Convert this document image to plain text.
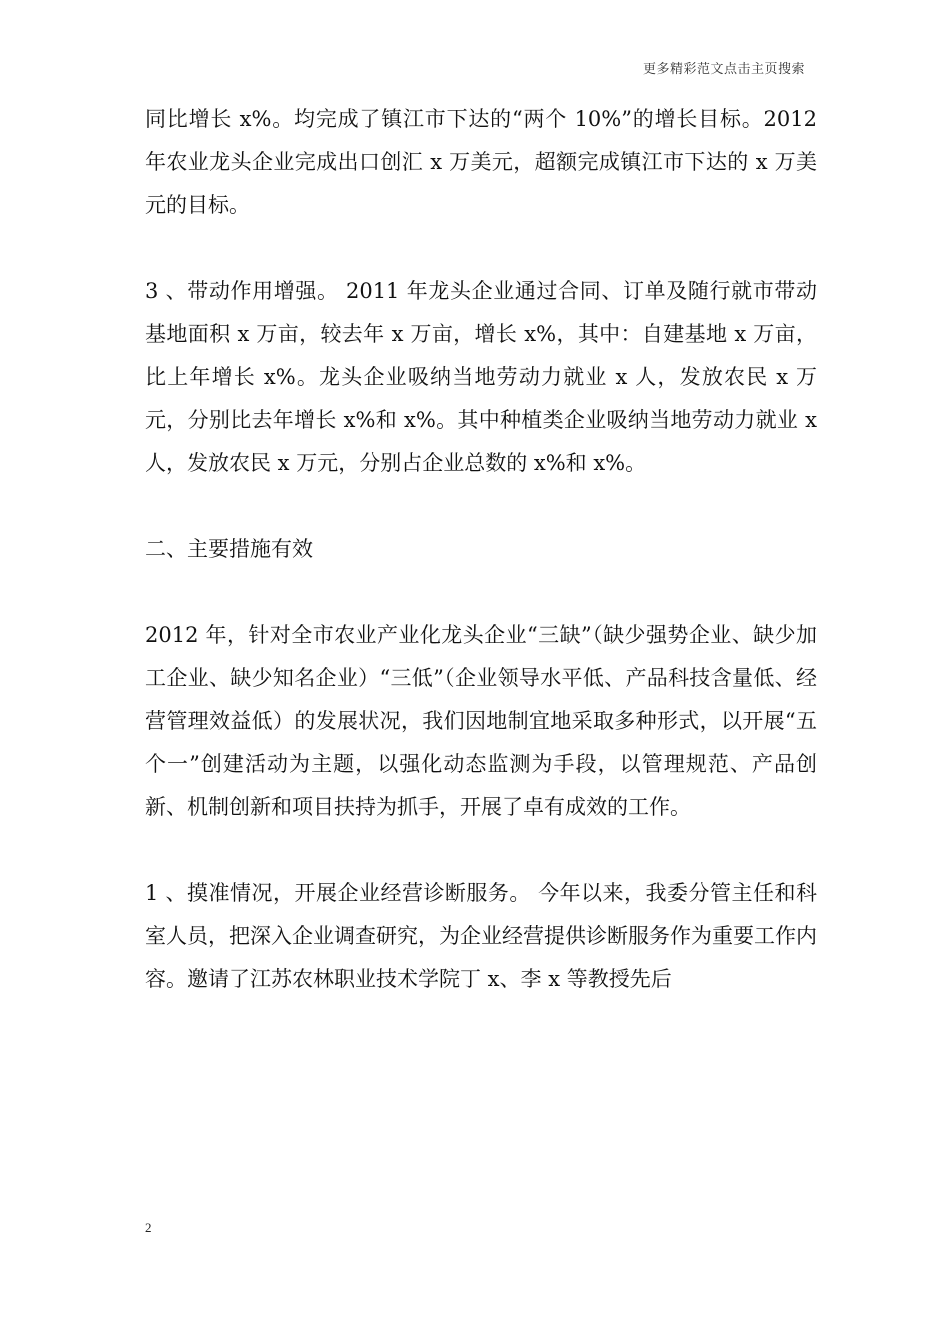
更多精彩范文点击主页搜索

同比增长 x%。均完成了镇江市下达的“两个 10%”的增长目标。2012 年农业龙头企业完成出口创汇 x 万美元，超额完成镇江市下达的 x 万美元的目标。

3 、带动作用增强。 2011 年龙头企业通过合同、订单及随行就市带动 基地面积 x 万亩，较去年 x 万亩，增长 x%，其中：自建基地 x 万亩，比上年增长 x%。龙头企业吸纳当地劳动力就业 x 人，发放农民 x 万元，分别比去年增长 x%和 x%。其中种植类企业吸纳当地劳动力就业 x 人，发放农民 x 万元，分别占企业总数的 x%和 x%。

二、主要措施有效

2012 年，针对全市农业产业化龙头企业“三缺”（缺少强势企业、缺少加工企业、缺少知名企业）“三低”（企业领导水平低、产品科技含量低、经营管理效益低）的发展状况，我们因地制宜地采取多种形式，以开展“五个一”创建活动为主题，以强化动态监测为手段，以管理规范、产品创新、机制创新和项目扶持为抓手，开展了卓有成效的工作。

1 、摸准情况，开展企业经营诊断服务。 今年以来，我委分管主任和科室人员，把深入企业调查研究，为企业经营提供诊断服务作为重要工作内容。邀请了江苏农林职业技术学院丁 x、李 x 等教授先后

2
